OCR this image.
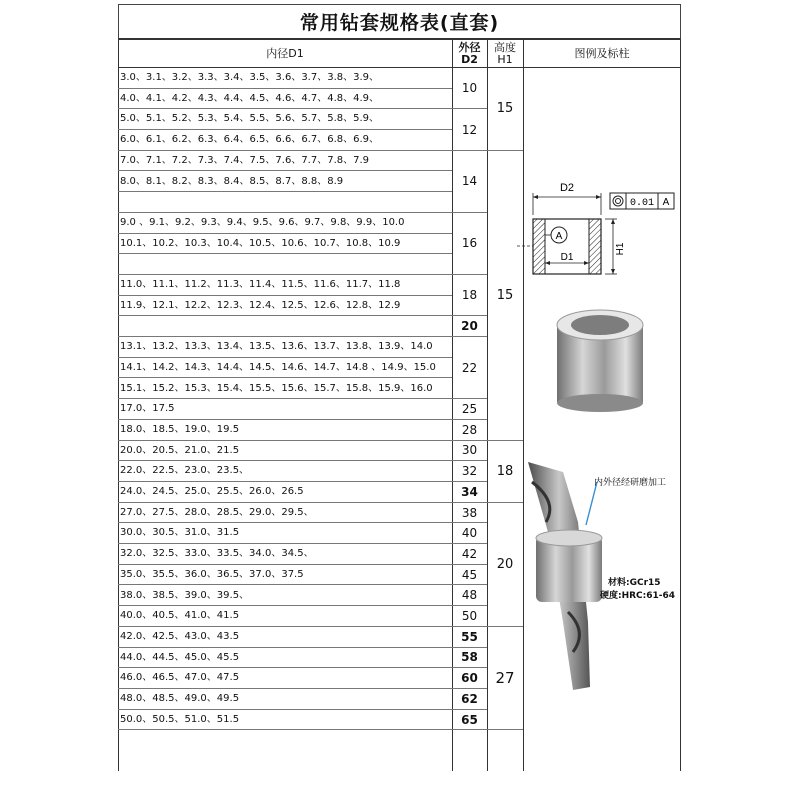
常用钻套规格表(直套)
内径D1	外径
D2
高度
H1	图例及标柱
3.0、3.1、3.2、3.3、3.4、3.5、3.6、3.7、3.8、3.9、
4.0、4.1、4.2、4.3、4.4、4.5、4.6、4.7、4.8、4.9、
5.0、5.1、5.2、5.3、5.4、5.5、5.6、5.7、5.8、5.9、
6.0、6.1、6.2、6.3、6.4、6.5、6.6、6.7、6.8、6.9、
7.0、7.1、7.2、7.3、7.4、7.5、7.6、7.7、7.8、7.9
8.0、8.1、8.2、8.3、8.4、8.5、8.7、8.8、8.9
9.0 、9.1、9.2、9.3、9.4、9.5、9.6、9.7、9.8、9.9、10.0
10.1、10.2、10.3、10.4、10.5、10.6、10.7、10.8、10.9
11.0、11.1、11.2、11.3、11.4、11.5、11.6、11.7、11.8
11.9、12.1、12.2、12.3、12.4、12.5、12.6、12.8、12.9
13.1、13.2、13.3、13.4、13.5、13.6、13.7、13.8、13.9、14.0
14.1、14.2、14.3、14.4、14.5、14.6、14.7、14.8 、14.9、15.0
15.1、15.2、15.3、15.4、15.5、15.6、15.7、15.8、15.9、16.0
17.0、17.5
18.0、18.5、19.0、19.5
20.0、20.5、21.0、21.5
22.0、22.5、23.0、23.5、
24.0、24.5、25.0、25.5、26.0、26.5
27.0、27.5、28.0、28.5、29.0、29.5、
30.0、30.5、31.0、31.5
32.0、32.5、33.0、33.5、34.0、34.5、
35.0、35.5、36.0、36.5、37.0、37.5
38.0、38.5、39.0、39.5、
40.0、40.5、41.0、41.5
42.0、42.5、43.0、43.5
44.0、44.5、45.0、45.5
46.0、46.5、47.0、47.5
48.0、48.5、49.0、49.5
50.0、50.5、51.0、51.5
10
12
14
16
18
20
22
25
28
30
32
34
38
40
42
45
48
50
55
58
60
62
65
15
15
18
20
27
D2
A
D1
H1
0.01 A
内外径经研磨加工
材料:GCr15
硬度:HRC:61-64
